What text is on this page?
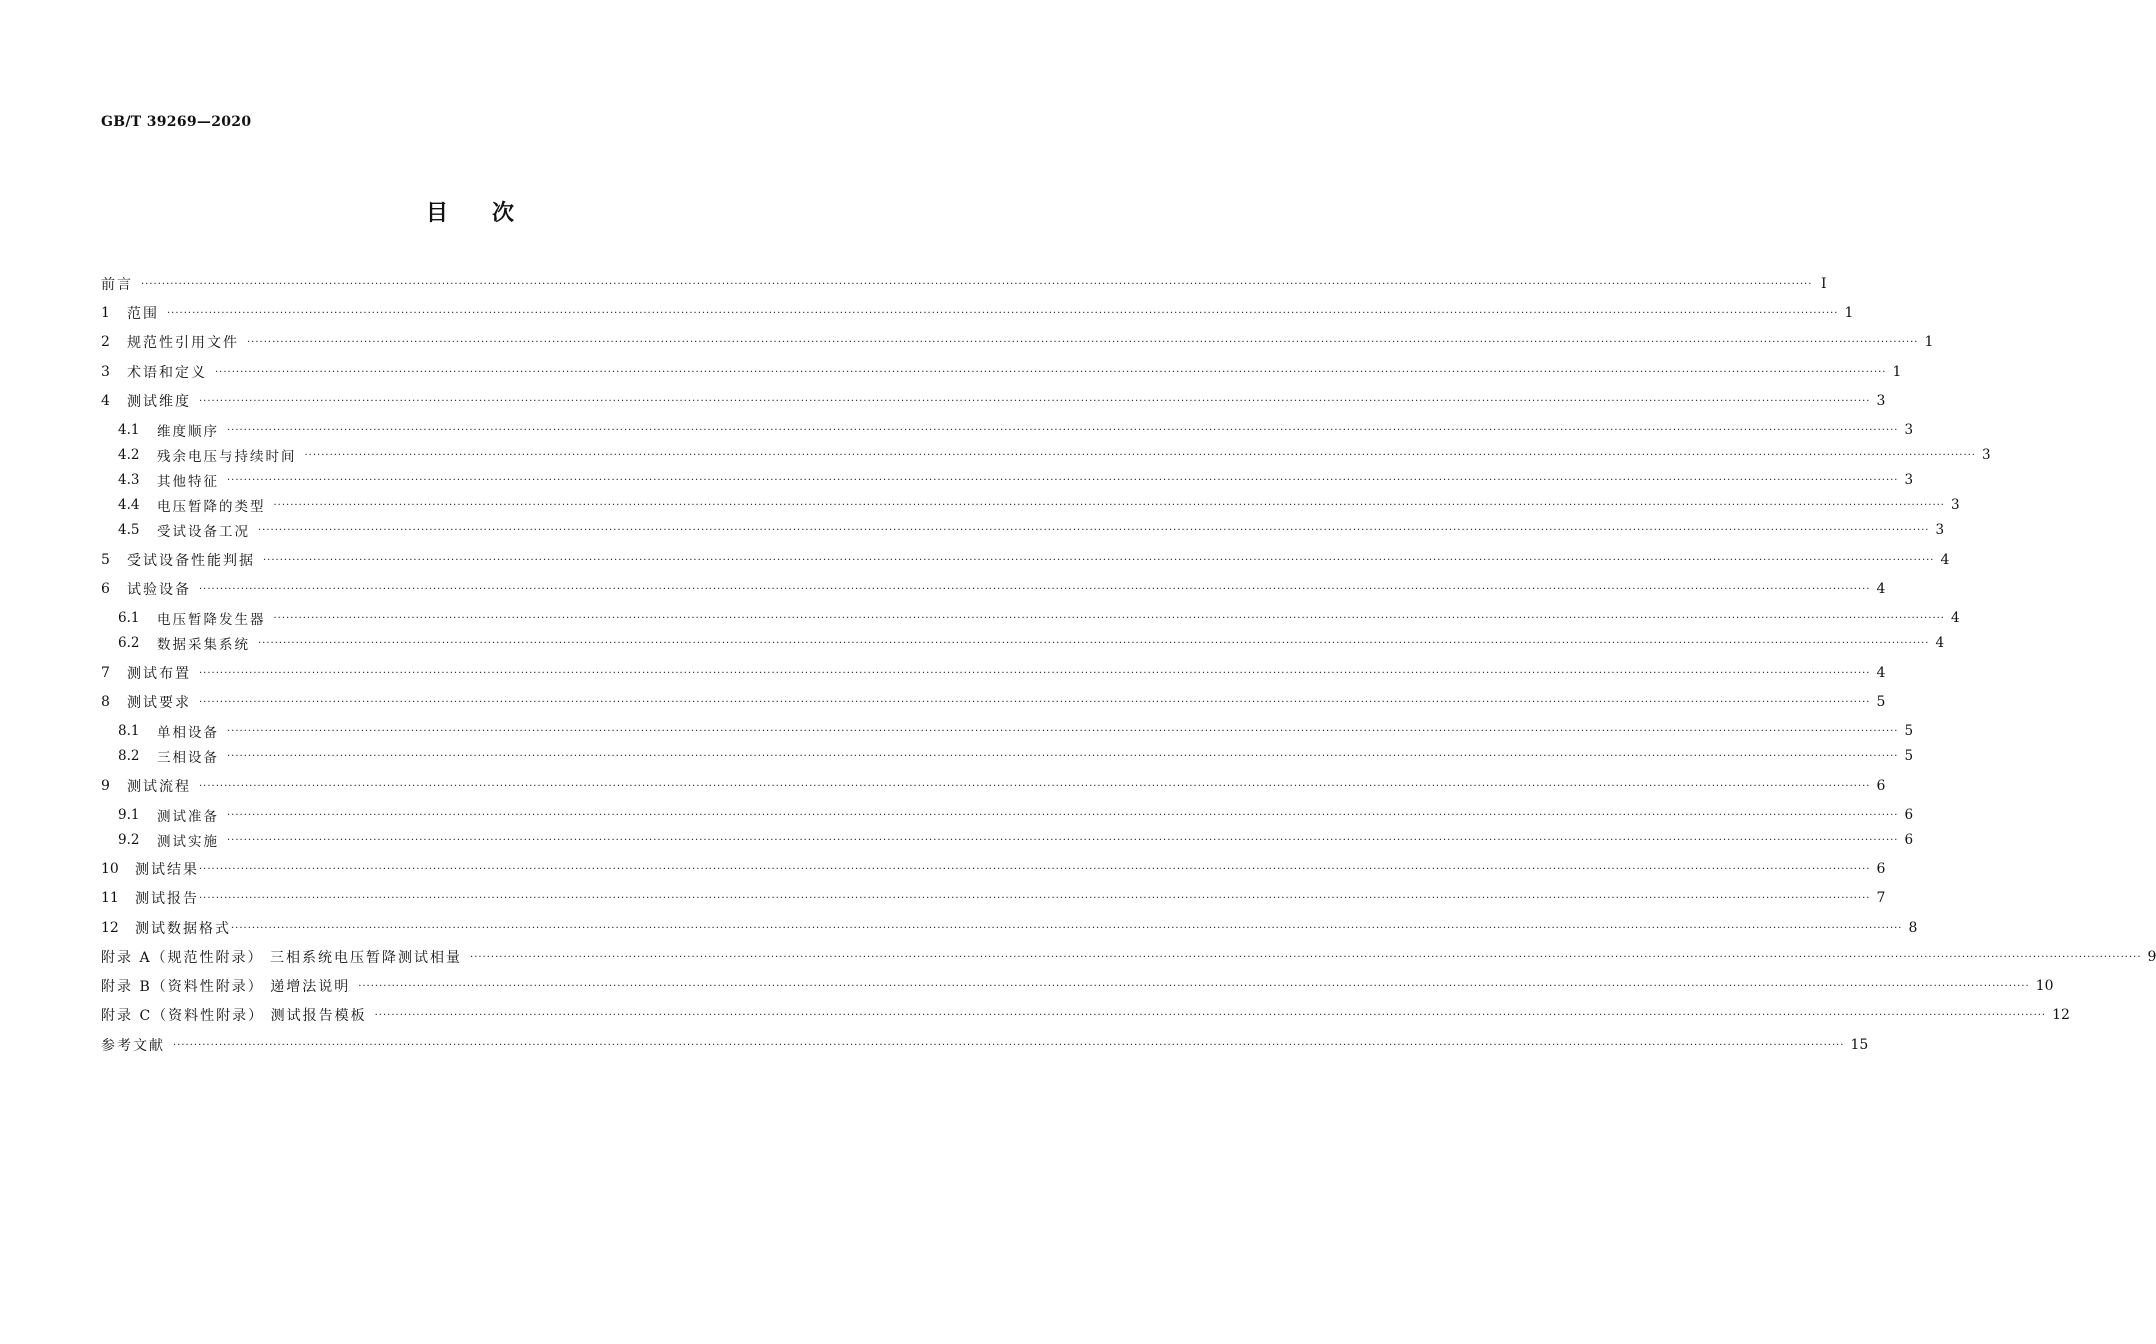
GB/T 39269—2020
目 次
前言 ················································································································································································································································································································································································································ Ⅰ
1	范围 ················································································································································································································································································································································································································ 1
2	规范性引用文件 ················································································································································································································································································································································································································ 1
3	术语和定义 ················································································································································································································································································································································································································ 1
4	测试维度 ················································································································································································································································································································································································································ 3
4.1	维度顺序 ················································································································································································································································································································································································································ 3
4.2	残余电压与持续时间 ················································································································································································································································································································································································································ 3
4.3	其他特征 ················································································································································································································································································································································································································ 3
4.4	电压暂降的类型 ················································································································································································································································································································································································································ 3
4.5	受试设备工况 ················································································································································································································································································································································································································ 3
5	受试设备性能判据 ················································································································································································································································································································································································································ 4
6	试验设备 ················································································································································································································································································································································································································ 4
6.1	电压暂降发生器 ················································································································································································································································································································································································································ 4
6.2	数据采集系统 ················································································································································································································································································································································································································ 4
7	测试布置 ················································································································································································································································································································································································································ 4
8	测试要求 ················································································································································································································································································································································································································ 5
8.1	单相设备 ················································································································································································································································································································································································································ 5
8.2	三相设备 ················································································································································································································································································································································································································ 5
9	测试流程 ················································································································································································································································································································································································································ 6
9.1	测试准备 ················································································································································································································································································································································································································ 6
9.2	测试实施 ················································································································································································································································································································································································································ 6
10	测试结果 ················································································································································································································································································································································································································ 6
11	测试报告 ················································································································································································································································································································································································································ 7
12	测试数据格式 ················································································································································································································································································································································································································ 8
附录 A（规范性附录） 三相系统电压暂降测试相量 ················································································································································································································································································································································································································ 9
附录 B（资料性附录） 递增法说明 ················································································································································································································································································································································································································ 10
附录 C（资料性附录） 测试报告模板 ················································································································································································································································································································································································································ 12
参考文献 ················································································································································································································································································································································································································ 15
